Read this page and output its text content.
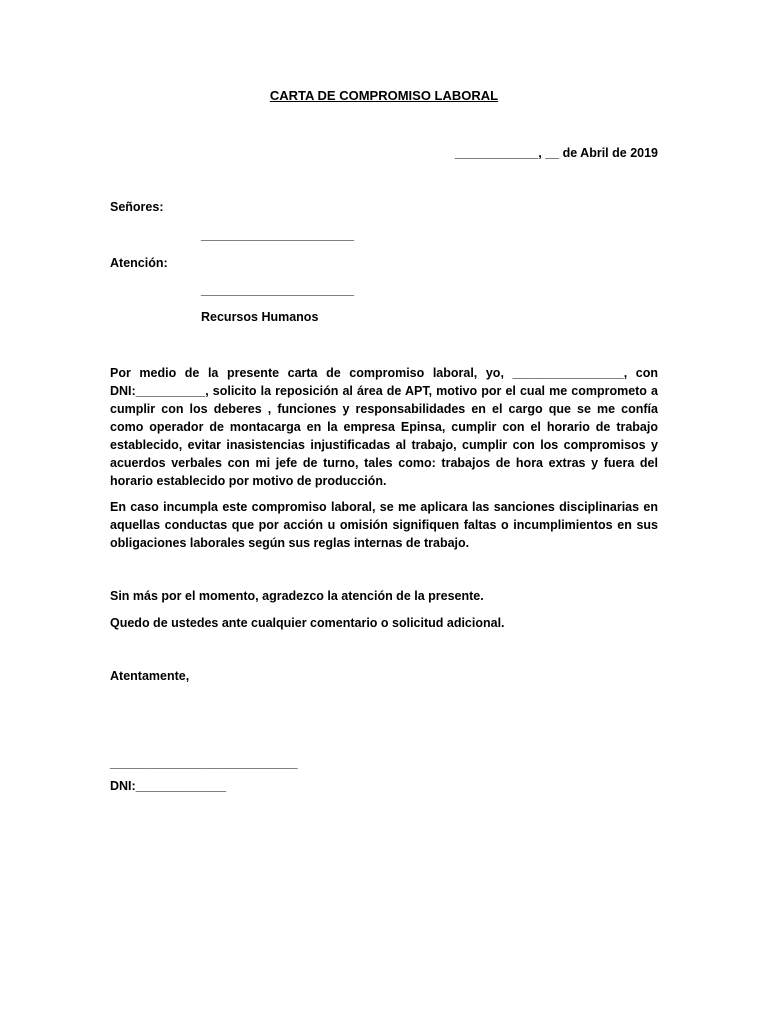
CARTA DE COMPROMISO LABORAL
____________, __ de Abril de 2019
Señores:
______________________
Atención:
______________________
Recursos Humanos
Por medio de la presente carta de compromiso laboral, yo, ________________, con DNI:__________, solicito la reposición al área de APT, motivo por el cual me comprometo a cumplir con los deberes , funciones y responsabilidades en el cargo que se me confía como operador de montacarga en la empresa Epinsa, cumplir con el horario de trabajo establecido, evitar inasistencias injustificadas al trabajo, cumplir con los compromisos y acuerdos verbales con mi jefe de turno, tales como: trabajos de hora extras y fuera del horario establecido por motivo de producción.
En caso incumpla este compromiso laboral, se me aplicara las sanciones disciplinarias en aquellas conductas que por acción u omisión signifiquen faltas o incumplimientos en sus obligaciones laborales según sus reglas internas de trabajo.
Sin más por el momento, agradezco la atención de la presente.
Quedo de ustedes ante cualquier comentario o solicitud adicional.
Atentamente,
___________________________
DNI:_____________
